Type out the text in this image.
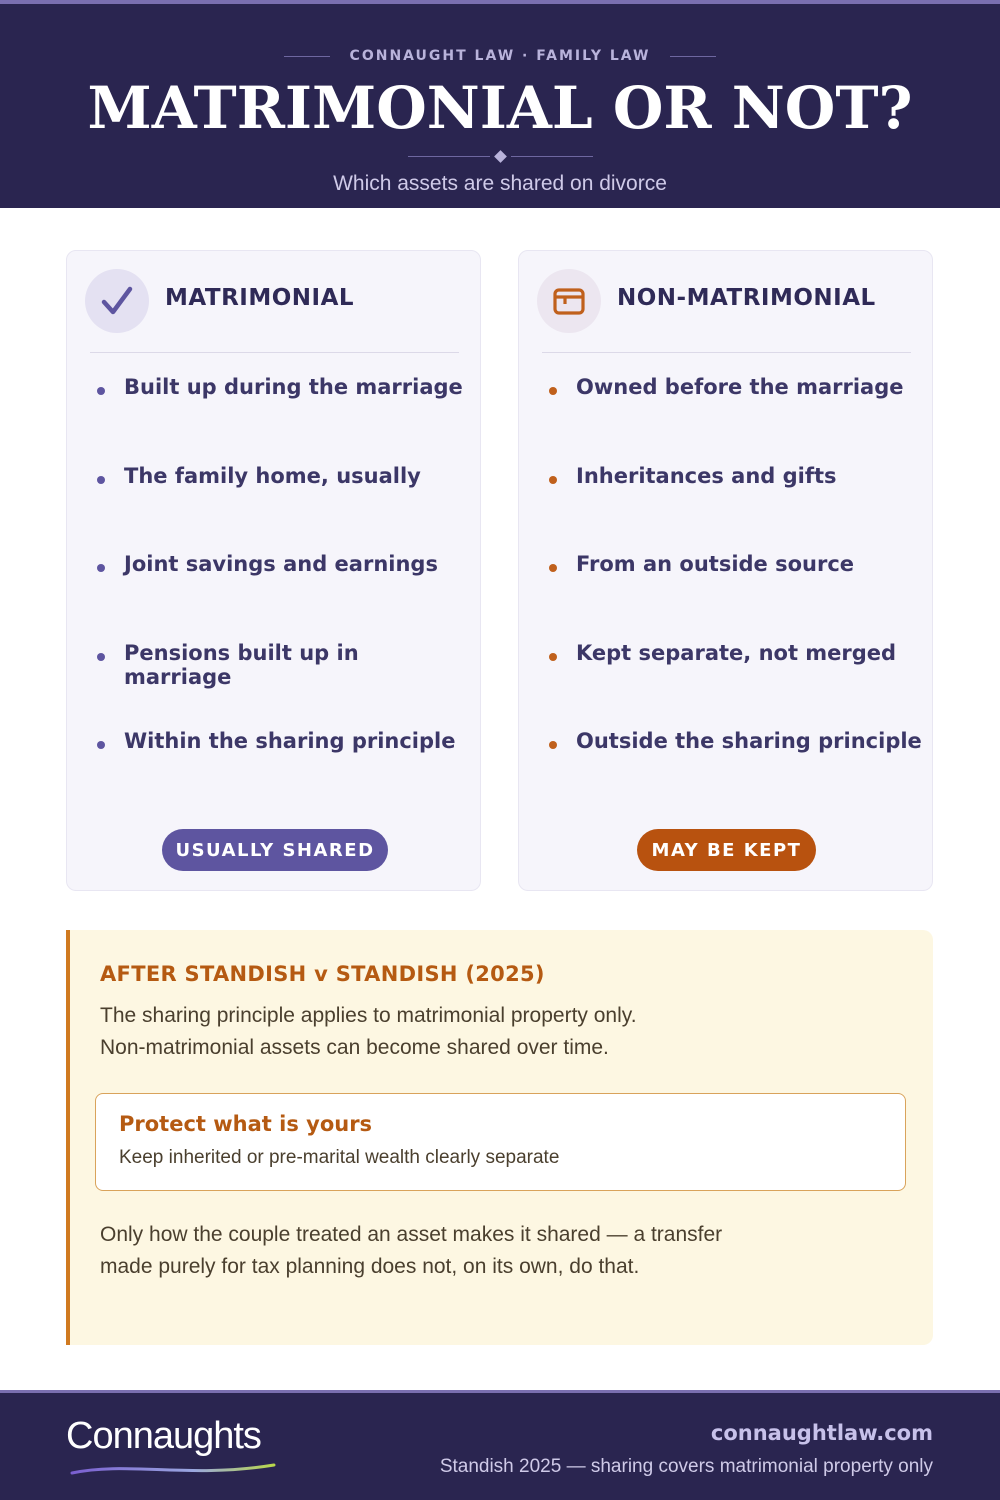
CONNAUGHT LAW · FAMILY LAW
MATRIMONIAL OR NOT?
Which assets are shared on divorce
MATRIMONIAL
Built up during the marriage
The family home, usually
Joint savings and earnings
Pensions built up in marriage
Within the sharing principle
USUALLY SHARED
NON-MATRIMONIAL
Owned before the marriage
Inheritances and gifts
From an outside source
Kept separate, not merged
Outside the sharing principle
MAY BE KEPT
AFTER STANDISH v STANDISH (2025)
The sharing principle applies to matrimonial property only.
Non-matrimonial assets can become shared over time.
Protect what is yours
Keep inherited or pre-marital wealth clearly separate
Only how the couple treated an asset makes it shared — a transfer
made purely for tax planning does not, on its own, do that.
Connaughts	connaughtlaw.com
Standish 2025 — sharing covers matrimonial property only
